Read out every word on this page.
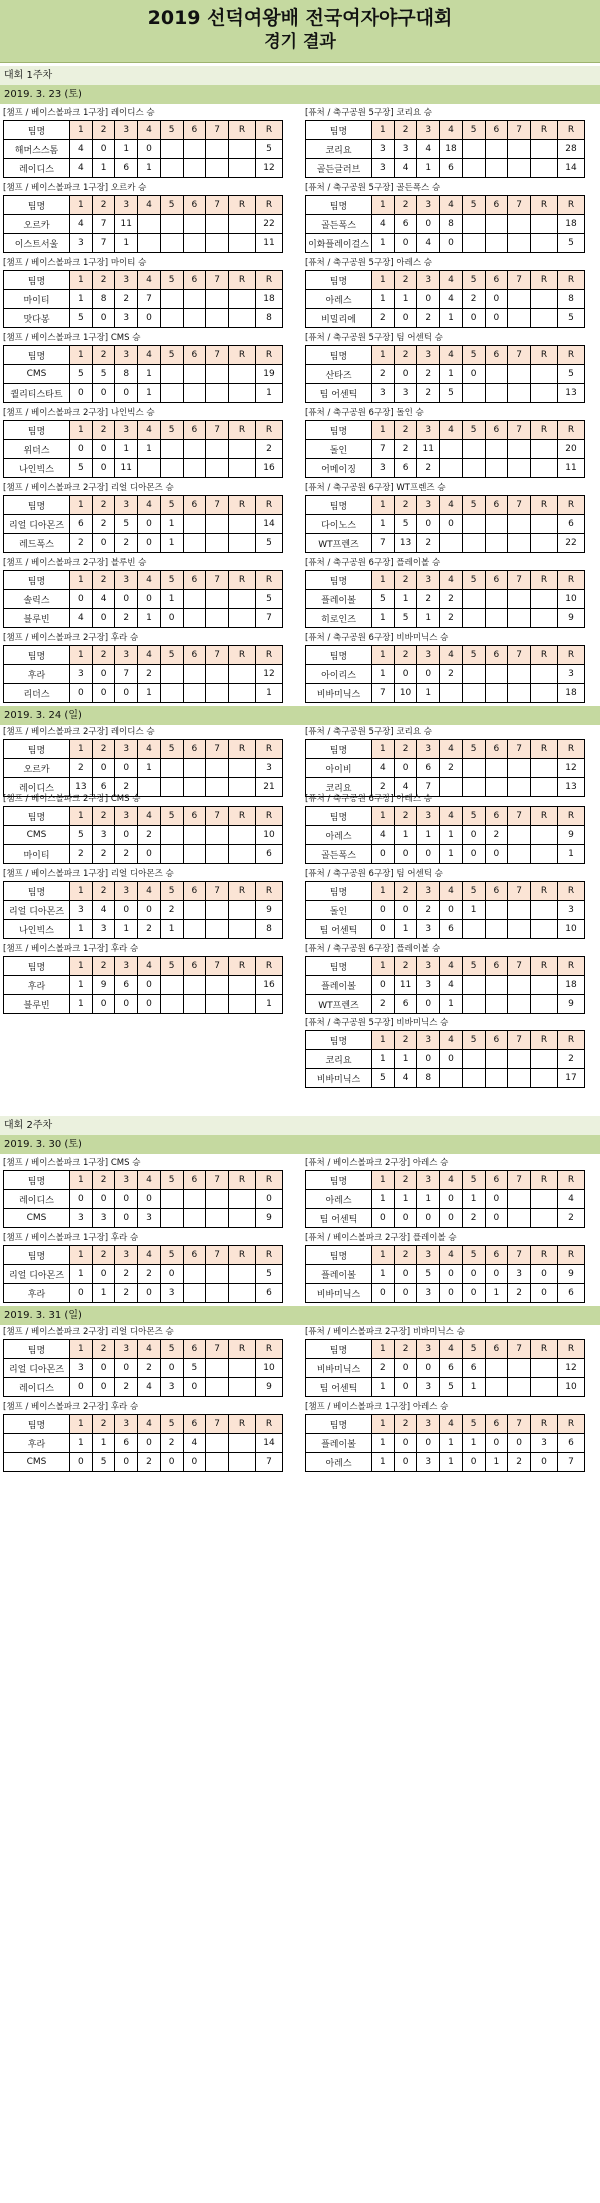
2019 선덕여왕배 전국여자야구대회
경기 결과
대회 1주차
2019. 3. 23 (토)
[챔프 / 베이스볼파크 1구장] 레이디스 승
팀명	1	2	3	4	5	6	7	R	R
해머스스톰	4	0	1	0					5
레이디스	4	1	6	1					12
[퓨처 / 축구공원 5구장] 코리요 승
팀명	1	2	3	4	5	6	7	R	R
코리요	3	3	4	18					28
골든글러브	3	4	1	6					14
[챔프 / 베이스볼파크 1구장] 오르카 승
팀명	1	2	3	4	5	6	7	R	R
오르카	4	7	11						22
이스트서울	3	7	1						11
[퓨처 / 축구공원 5구장] 골든폭스 승
팀명	1	2	3	4	5	6	7	R	R
골든폭스	4	6	0	8					18
이화플레이걸스	1	0	4	0					5
[챔프 / 베이스볼파크 1구장] 마이티 승
팀명	1	2	3	4	5	6	7	R	R
마이티	1	8	2	7					18
맛다봉	5	0	3	0					8
[퓨처 / 축구공원 5구장] 아레스 승
팀명	1	2	3	4	5	6	7	R	R
아레스	1	1	0	4	2	0			8
비밀리에	2	0	2	1	0	0			5
[챔프 / 베이스볼파크 1구장] CMS 승
팀명	1	2	3	4	5	6	7	R	R
CMS	5	5	8	1					19
퀄리티스타트	0	0	0	1					1
[퓨처 / 축구공원 5구장] 팀 어센틱 승
팀명	1	2	3	4	5	6	7	R	R
산타즈	2	0	2	1	0				5
팀 어센틱	3	3	2	5					13
[챔프 / 베이스볼파크 2구장] 나인빅스 승
팀명	1	2	3	4	5	6	7	R	R
위더스	0	0	1	1					2
나인빅스	5	0	11						16
[퓨처 / 축구공원 6구장] 돌인 승
팀명	1	2	3	4	5	6	7	R	R
돌인	7	2	11						20
어메이징	3	6	2						11
[챔프 / 베이스볼파크 2구장] 리얼 디아몬즈 승
팀명	1	2	3	4	5	6	7	R	R
리얼 디아몬즈	6	2	5	0	1				14
레드폭스	2	0	2	0	1				5
[퓨처 / 축구공원 6구장] WT프렌즈 승
팀명	1	2	3	4	5	6	7	R	R
다이노스	1	5	0	0					6
WT프렌즈	7	13	2						22
[챔프 / 베이스볼파크 2구장] 블루빈 승
팀명	1	2	3	4	5	6	7	R	R
솔릭스	0	4	0	0	1				5
블루빈	4	0	2	1	0				7
[퓨처 / 축구공원 6구장] 플레이볼 승
팀명	1	2	3	4	5	6	7	R	R
플레이볼	5	1	2	2					10
히로인즈	1	5	1	2					9
[챔프 / 베이스볼파크 2구장] 후라 승
팀명	1	2	3	4	5	6	7	R	R
후라	3	0	7	2					12
리더스	0	0	0	1					1
[퓨처 / 축구공원 6구장] 비바미닉스 승
팀명	1	2	3	4	5	6	7	R	R
아이리스	1	0	0	2					3
비바미닉스	7	10	1						18
2019. 3. 24 (일)
[챔프 / 베이스볼파크 2구장] 레이디스 승
팀명	1	2	3	4	5	6	7	R	R
오르카	2	0	0	1					3
레이디스	13	6	2						21
[퓨처 / 축구공원 5구장] 코리요 승
팀명	1	2	3	4	5	6	7	R	R
아이비	4	0	6	2					12
코리요	2	4	7						13
[챔프 / 베이스볼파크 2구장] CMS 승
팀명	1	2	3	4	5	6	7	R	R
CMS	5	3	0	2					10
마이티	2	2	2	0					6
[퓨처 / 축구공원 6구장] 아레스 승
팀명	1	2	3	4	5	6	7	R	R
아레스	4	1	1	1	0	2			9
골든폭스	0	0	0	1	0	0			1
[챔프 / 베이스볼파크 1구장] 리얼 디아몬즈 승
팀명	1	2	3	4	5	6	7	R	R
리얼 디아몬즈	3	4	0	0	2				9
나인빅스	1	3	1	2	1				8
[퓨처 / 축구공원 6구장] 팀 어센틱 승
팀명	1	2	3	4	5	6	7	R	R
돌인	0	0	2	0	1				3
팀 어센틱	0	1	3	6					10
[챔프 / 베이스볼파크 1구장] 후라 승
팀명	1	2	3	4	5	6	7	R	R
후라	1	9	6	0					16
블루빈	1	0	0	0					1
[퓨처 / 축구공원 6구장] 플레이볼 승
팀명	1	2	3	4	5	6	7	R	R
플레이볼	0	11	3	4					18
WT프렌즈	2	6	0	1					9
[퓨처 / 축구공원 5구장] 비바미닉스 승
팀명	1	2	3	4	5	6	7	R	R
코리요	1	1	0	0					2
비바미닉스	5	4	8						17
대회 2주차
2019. 3. 30 (토)
[챔프 / 베이스볼파크 1구장] CMS 승
팀명	1	2	3	4	5	6	7	R	R
레이디스	0	0	0	0					0
CMS	3	3	0	3					9
[퓨처 / 베이스볼파크 2구장] 아레스 승
팀명	1	2	3	4	5	6	7	R	R
아레스	1	1	1	0	1	0			4
팀 어센틱	0	0	0	0	2	0			2
[챔프 / 베이스볼파크 1구장] 후라 승
팀명	1	2	3	4	5	6	7	R	R
리얼 디아몬즈	1	0	2	2	0				5
후라	0	1	2	0	3				6
[퓨처 / 베이스볼파크 2구장] 플레이볼 승
팀명	1	2	3	4	5	6	7	R	R
플레이볼	1	0	5	0	0	0	3	0	9
비바미닉스	0	0	3	0	0	1	2	0	6
2019. 3. 31 (일)
[챔프 / 베이스볼파크 2구장] 리얼 디아몬즈 승
팀명	1	2	3	4	5	6	7	R	R
리얼 디아몬즈	3	0	0	2	0	5			10
레이디스	0	0	2	4	3	0			9
[퓨처 / 베이스볼파크 2구장] 비바미닉스 승
팀명	1	2	3	4	5	6	7	R	R
비바미닉스	2	0	0	6	6				12
팀 어센틱	1	0	3	5	1				10
[챔프 / 베이스볼파크 2구장] 후라 승
팀명	1	2	3	4	5	6	7	R	R
후라	1	1	6	0	2	4			14
CMS	0	5	0	2	0	0			7
[챔프 / 베이스볼파크 1구장] 아레스 승
팀명	1	2	3	4	5	6	7	R	R
플레이볼	1	0	0	1	1	0	0	3	6
아레스	1	0	3	1	0	1	2	0	7
